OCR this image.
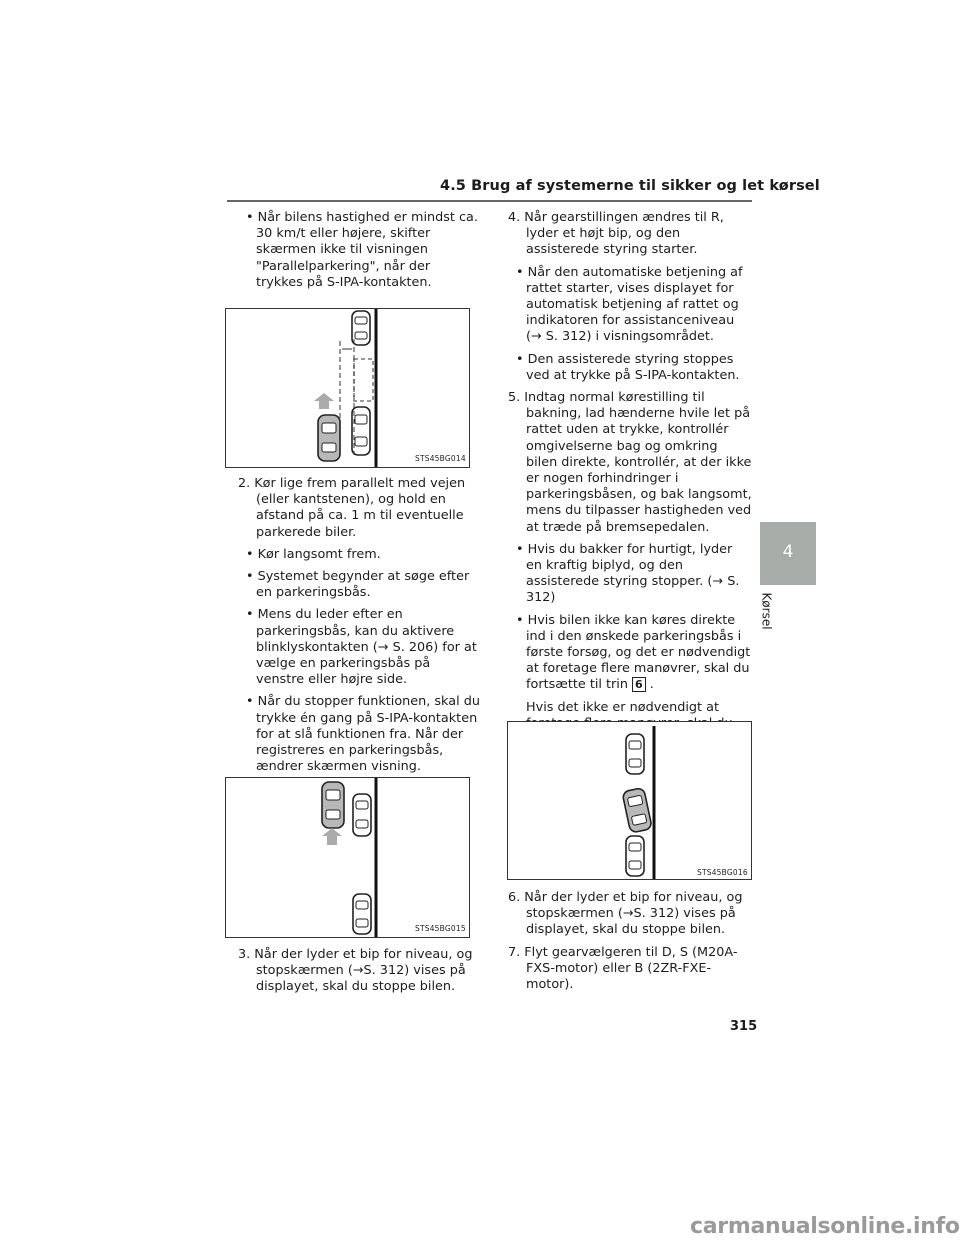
4.5 Brug af systemerne til sikker og let kørsel
4
Kørsel
• Når bilens hastighed er mindst ca. 30 km/t eller højere, skifter skærmen ikke til visningen "Parallelparkering", når der trykkes på S-IPA-kontakten.
STS45BG014
2. Kør lige frem parallelt med vejen (eller kantstenen), og hold en afstand på ca. 1 m til eventuelle parkerede biler.
• Kør langsomt frem.
• Systemet begynder at søge efter en parkeringsbås.
• Mens du leder efter en parkeringsbås, kan du aktivere blinklyskontakten (→ S. 206) for at vælge en parkeringsbås på venstre eller højre side.
• Når du stopper funktionen, skal du trykke én gang på S-IPA-kontakten for at slå funktionen fra. Når der registreres en parkeringsbås, ændrer skærmen visning.
STS45BG015
3. Når der lyder et bip for niveau, og stopskærmen (→S. 312) vises på displayet, skal du stoppe bilen.
4. Når gearstillingen ændres til R, lyder et højt bip, og den assisterede styring starter.
• Når den automatiske betjening af rattet starter, vises displayet for automatisk betjening af rattet og indikatoren for assistanceniveau (→ S. 312) i visningsområdet.
• Den assisterede styring stoppes ved at trykke på S-IPA-kontakten.
5. Indtag normal kørestilling til bakning, lad hænderne hvile let på rattet uden at trykke, kontrollér omgivelserne bag og omkring bilen direkte, kontrollér, at der ikke er nogen forhindringer i parkeringsbåsen, og bak langsomt, mens du tilpasser hastigheden ved at træde på bremsepedalen.
• Hvis du bakker for hurtigt, lyder en kraftig biplyd, og den assisterede styring stopper. (→ S. 312)
• Hvis bilen ikke kan køres direkte ind i den ønskede parkeringsbås i første forsøg, og det er nødvendigt at foretage flere manøvrer, skal du fortsætte til trin 6 .
Hvis det ikke er nødvendigt at
STS45BG016
6. Når der lyder et bip for niveau, og stopskærmen (→S. 312) vises på displayet, skal du stoppe bilen.
7. Flyt gearvælgeren til D, S (M20A-FXS-motor) eller B (2ZR-FXE-motor).
315
carmanualsonline.info
